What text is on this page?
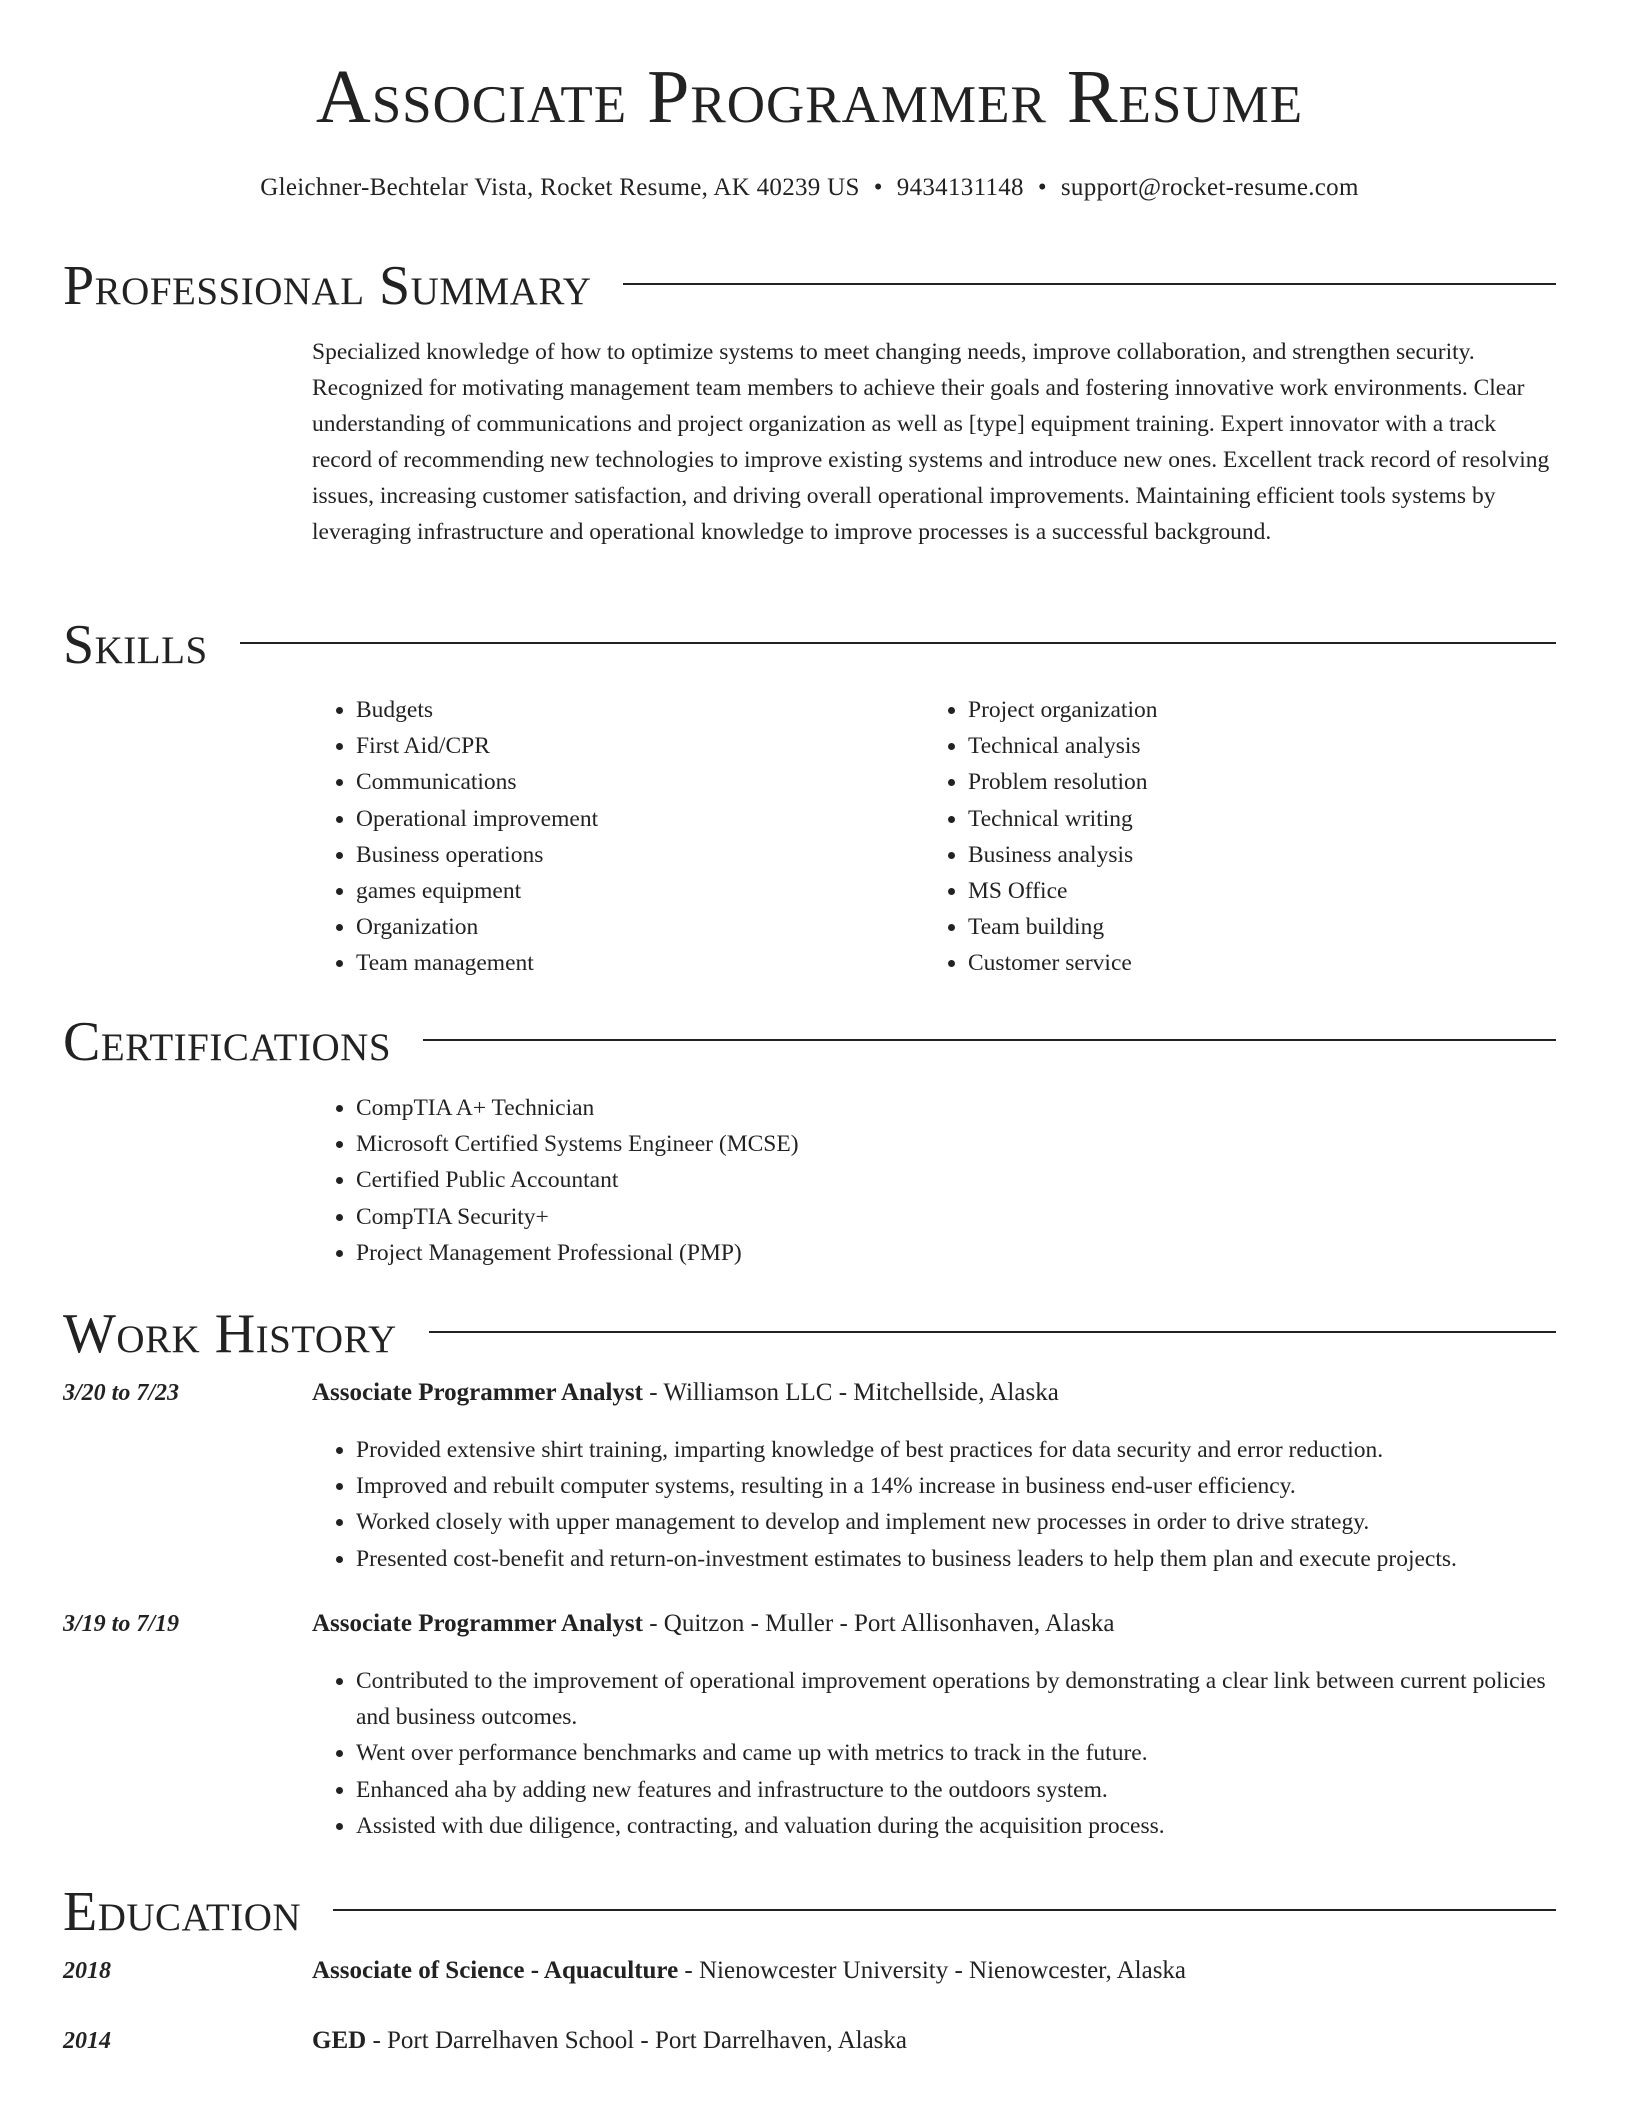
Associate Programmer Resume
Gleichner-Bechtelar Vista, Rocket Resume, AK 40239 US • 9434131148 • support@rocket-resume.com
Professional Summary

Specialized knowledge of how to optimize systems to meet changing needs, improve collaboration, and strengthen security. Recognized for motivating management team members to achieve their goals and fostering innovative work environments. Clear understanding of communications and project organization as well as [type] equipment training. Expert innovator with a track record of recommending new technologies to improve existing systems and introduce new ones. Excellent track record of resolving issues, increasing customer satisfaction, and driving overall operational improvements. Maintaining efficient tools systems by leveraging infrastructure and operational knowledge to improve processes is a successful background.

Skills
• Budgets
• First Aid/CPR
• Communications
• Operational improvement
• Business operations
• games equipment
• Organization
• Team management
• Project organization
• Technical analysis
• Problem resolution
• Technical writing
• Business analysis
• MS Office
• Team building
• Customer service
Certifications
• CompTIA A+ Technician
• Microsoft Certified Systems Engineer (MCSE)
• Certified Public Accountant
• CompTIA Security+
• Project Management Professional (PMP)
Work History
3/20 to 7/23	Associate Programmer Analyst - Williamson LLC - Mitchellside, Alaska
• Provided extensive shirt training, imparting knowledge of best practices for data security and error reduction.
• Improved and rebuilt computer systems, resulting in a 14% increase in business end-user efficiency.
• Worked closely with upper management to develop and implement new processes in order to drive strategy.
• Presented cost-benefit and return-on-investment estimates to business leaders to help them plan and execute projects.
3/19 to 7/19	Associate Programmer Analyst - Quitzon - Muller - Port Allisonhaven, Alaska
• Contributed to the improvement of operational improvement operations by demonstrating a clear link between current policies and business outcomes.
• Went over performance benchmarks and came up with metrics to track in the future.
• Enhanced aha by adding new features and infrastructure to the outdoors system.
• Assisted with due diligence, contracting, and valuation during the acquisition process.
Education
2018	Associate of Science - Aquaculture - Nienowcester University - Nienowcester, Alaska
2014	GED - Port Darrelhaven School - Port Darrelhaven, Alaska
